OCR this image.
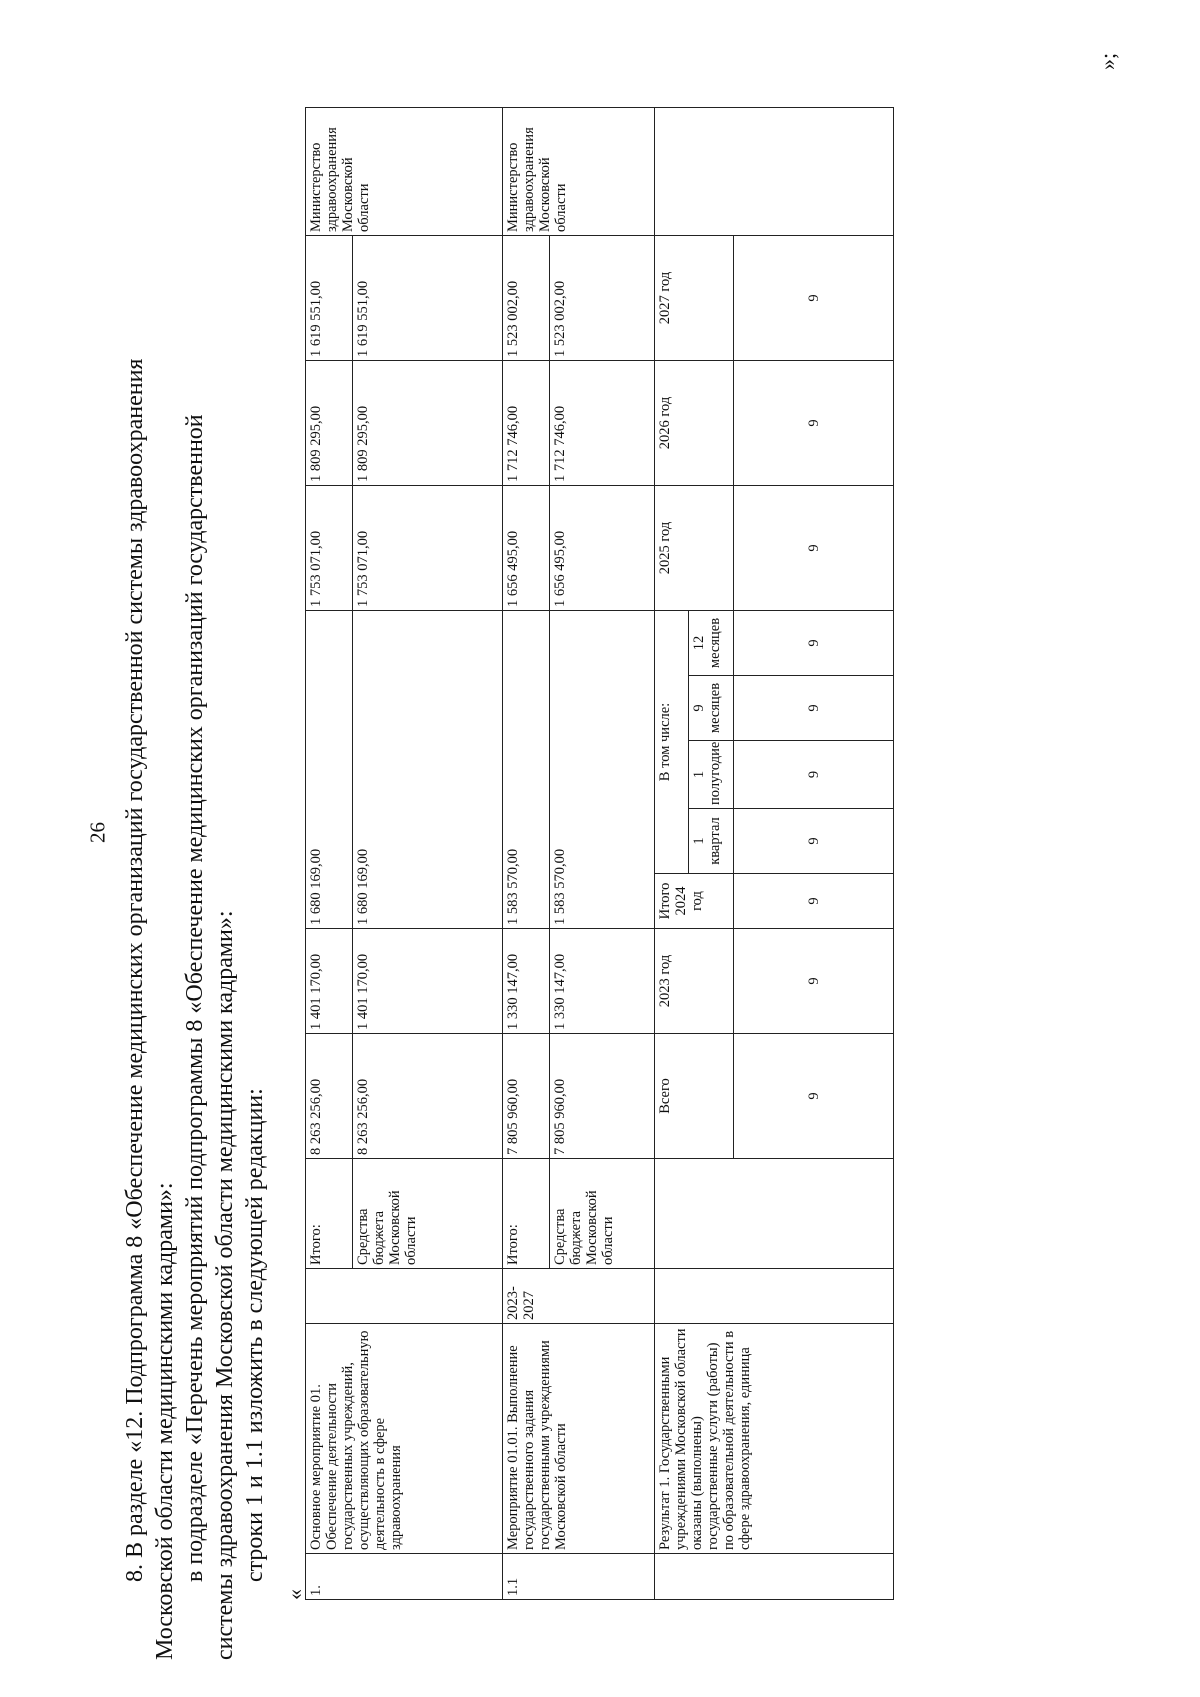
26 8. В разделе «12. Подпрограмма 8 «Обеспечение медицинских организаций государственной системы здравоохранения Московской области медицинскими кадрами»: в подразделе «Перечень мероприятий подпрограммы 8 «Обеспечение медицинских организаций государственной системы здравоохранения Московской области медицинскими кадрами»: строки 1 и 1.1 изложить в следующей редакции:

« 1.	Основное мероприятие 01. Обеспечение деятельности государственных учреждений, осуществляющих образовательную деятельность в сфере здравоохранения		Итого:	8 263 256,00	1 401 170,00	1 680 169,00					1 753 071,00	1 809 295,00	1 619 551,00	Министерство здравоохранения Московской области
			Средства бюджета Московской области	8 263 256,00	1 401 170,00	1 680 169,00					1 753 071,00	1 809 295,00	1 619 551,00	
1.1	Мероприятие 01.01. Выполнение государственного задания государственными учреждениями Московской области	2023-2027	Итого:	7 805 960,00	1 330 147,00	1 583 570,00					1 656 495,00	1 712 746,00	1 523 002,00	Министерство здравоохранения Московской области
			Средства бюджета Московской области	7 805 960,00	1 330 147,00	1 583 570,00					1 656 495,00	1 712 746,00	1 523 002,00	
	Результат 1. Государственными учреждениями Московской области оказаны (выполнены) государственные услуги (работы) по образовательной деятельности в сфере здравоохранения, единица			Всего	2023 год	Итого 2024 год	В том числе:				2025 год	2026 год	2027 год	
							1 квартал	1 полугодие	9 месяцев	12 месяцев				
				9	9	9	9	9	9	9	9	9	9	
»;
